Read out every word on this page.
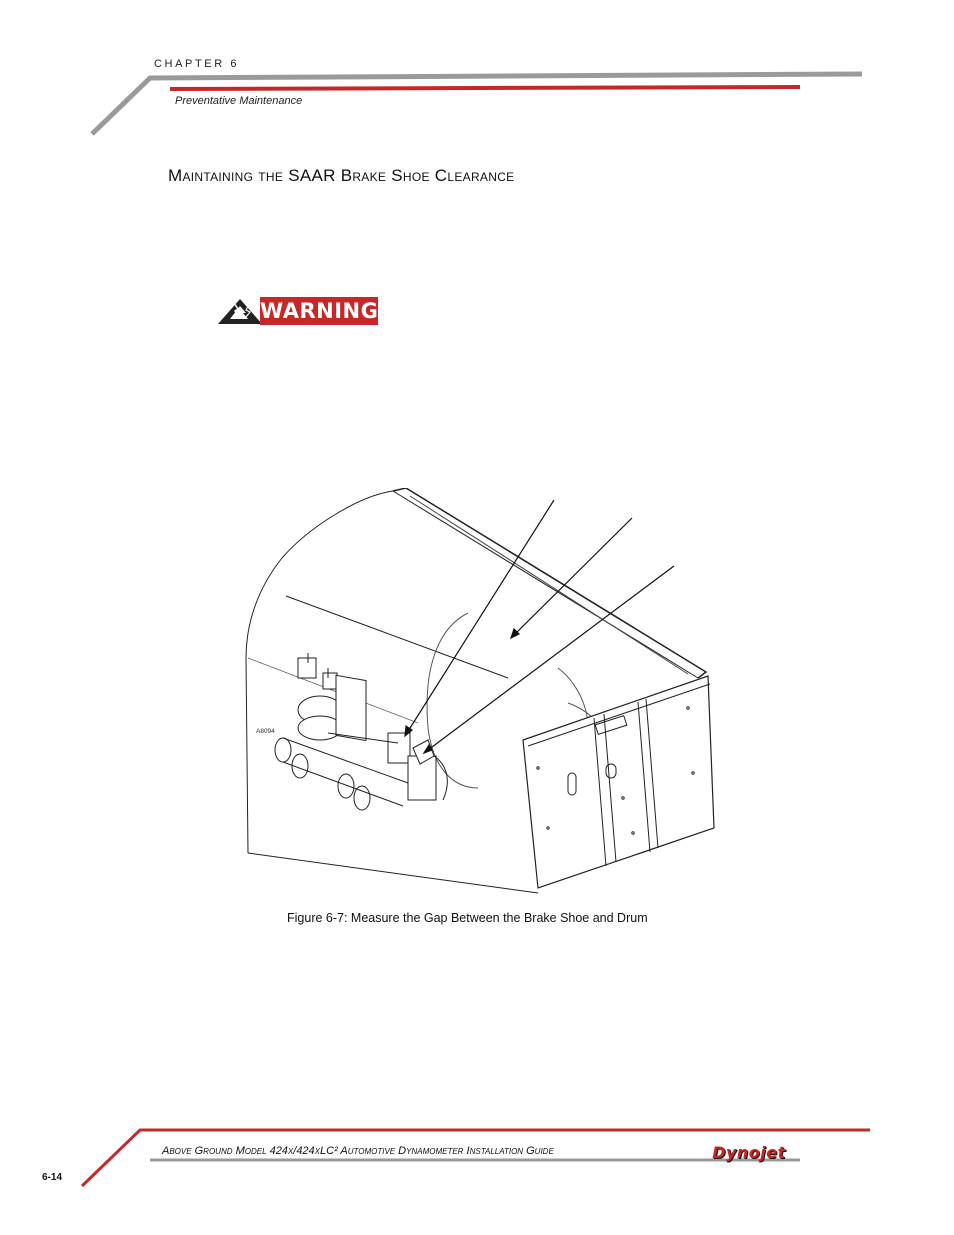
CHAPTER 6
Preventative Maintenance
Maintaining the SAAR Brake Shoe Clearance
WARNING
A8094
Figure 6-7: Measure the Gap Between the Brake Shoe and Drum
Above Ground Model 424x/424xLC² Automotive Dynamometer Installation Guide
6-14
Dynojet
